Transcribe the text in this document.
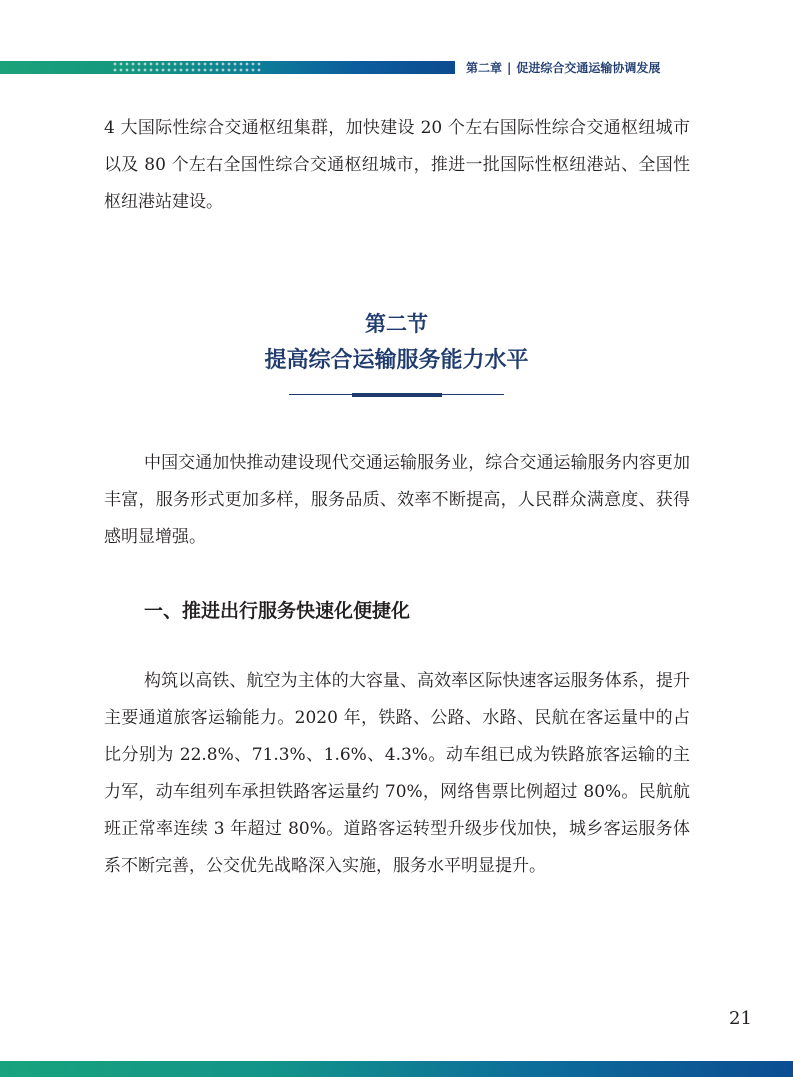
第二章 | 促进综合交通运输协调发展

4 大国际性综合交通枢纽集群，加快建设 20 个左右国际性综合交通枢纽城市以及 80 个左右全国性综合交通枢纽城市，推进一批国际性枢纽港站、全国性枢纽港站建设。

第二节
提高综合运输服务能力水平

中国交通加快推动建设现代交通运输服务业，综合交通运输服务内容更加丰富，服务形式更加多样，服务品质、效率不断提高，人民群众满意度、获得感明显增强。

一、推进出行服务快速化便捷化

构筑以高铁、航空为主体的大容量、高效率区际快速客运服务体系，提升主要通道旅客运输能力。2020 年，铁路、公路、水路、民航在客运量中的占比分别为 22.8%、71.3%、1.6%、4.3%。动车组已成为铁路旅客运输的主力军，动车组列车承担铁路客运量约 70%，网络售票比例超过 80%。民航航班正常率连续 3 年超过 80%。道路客运转型升级步伐加快，城乡客运服务体系不断完善，公交优先战略深入实施，服务水平明显提升。

21
